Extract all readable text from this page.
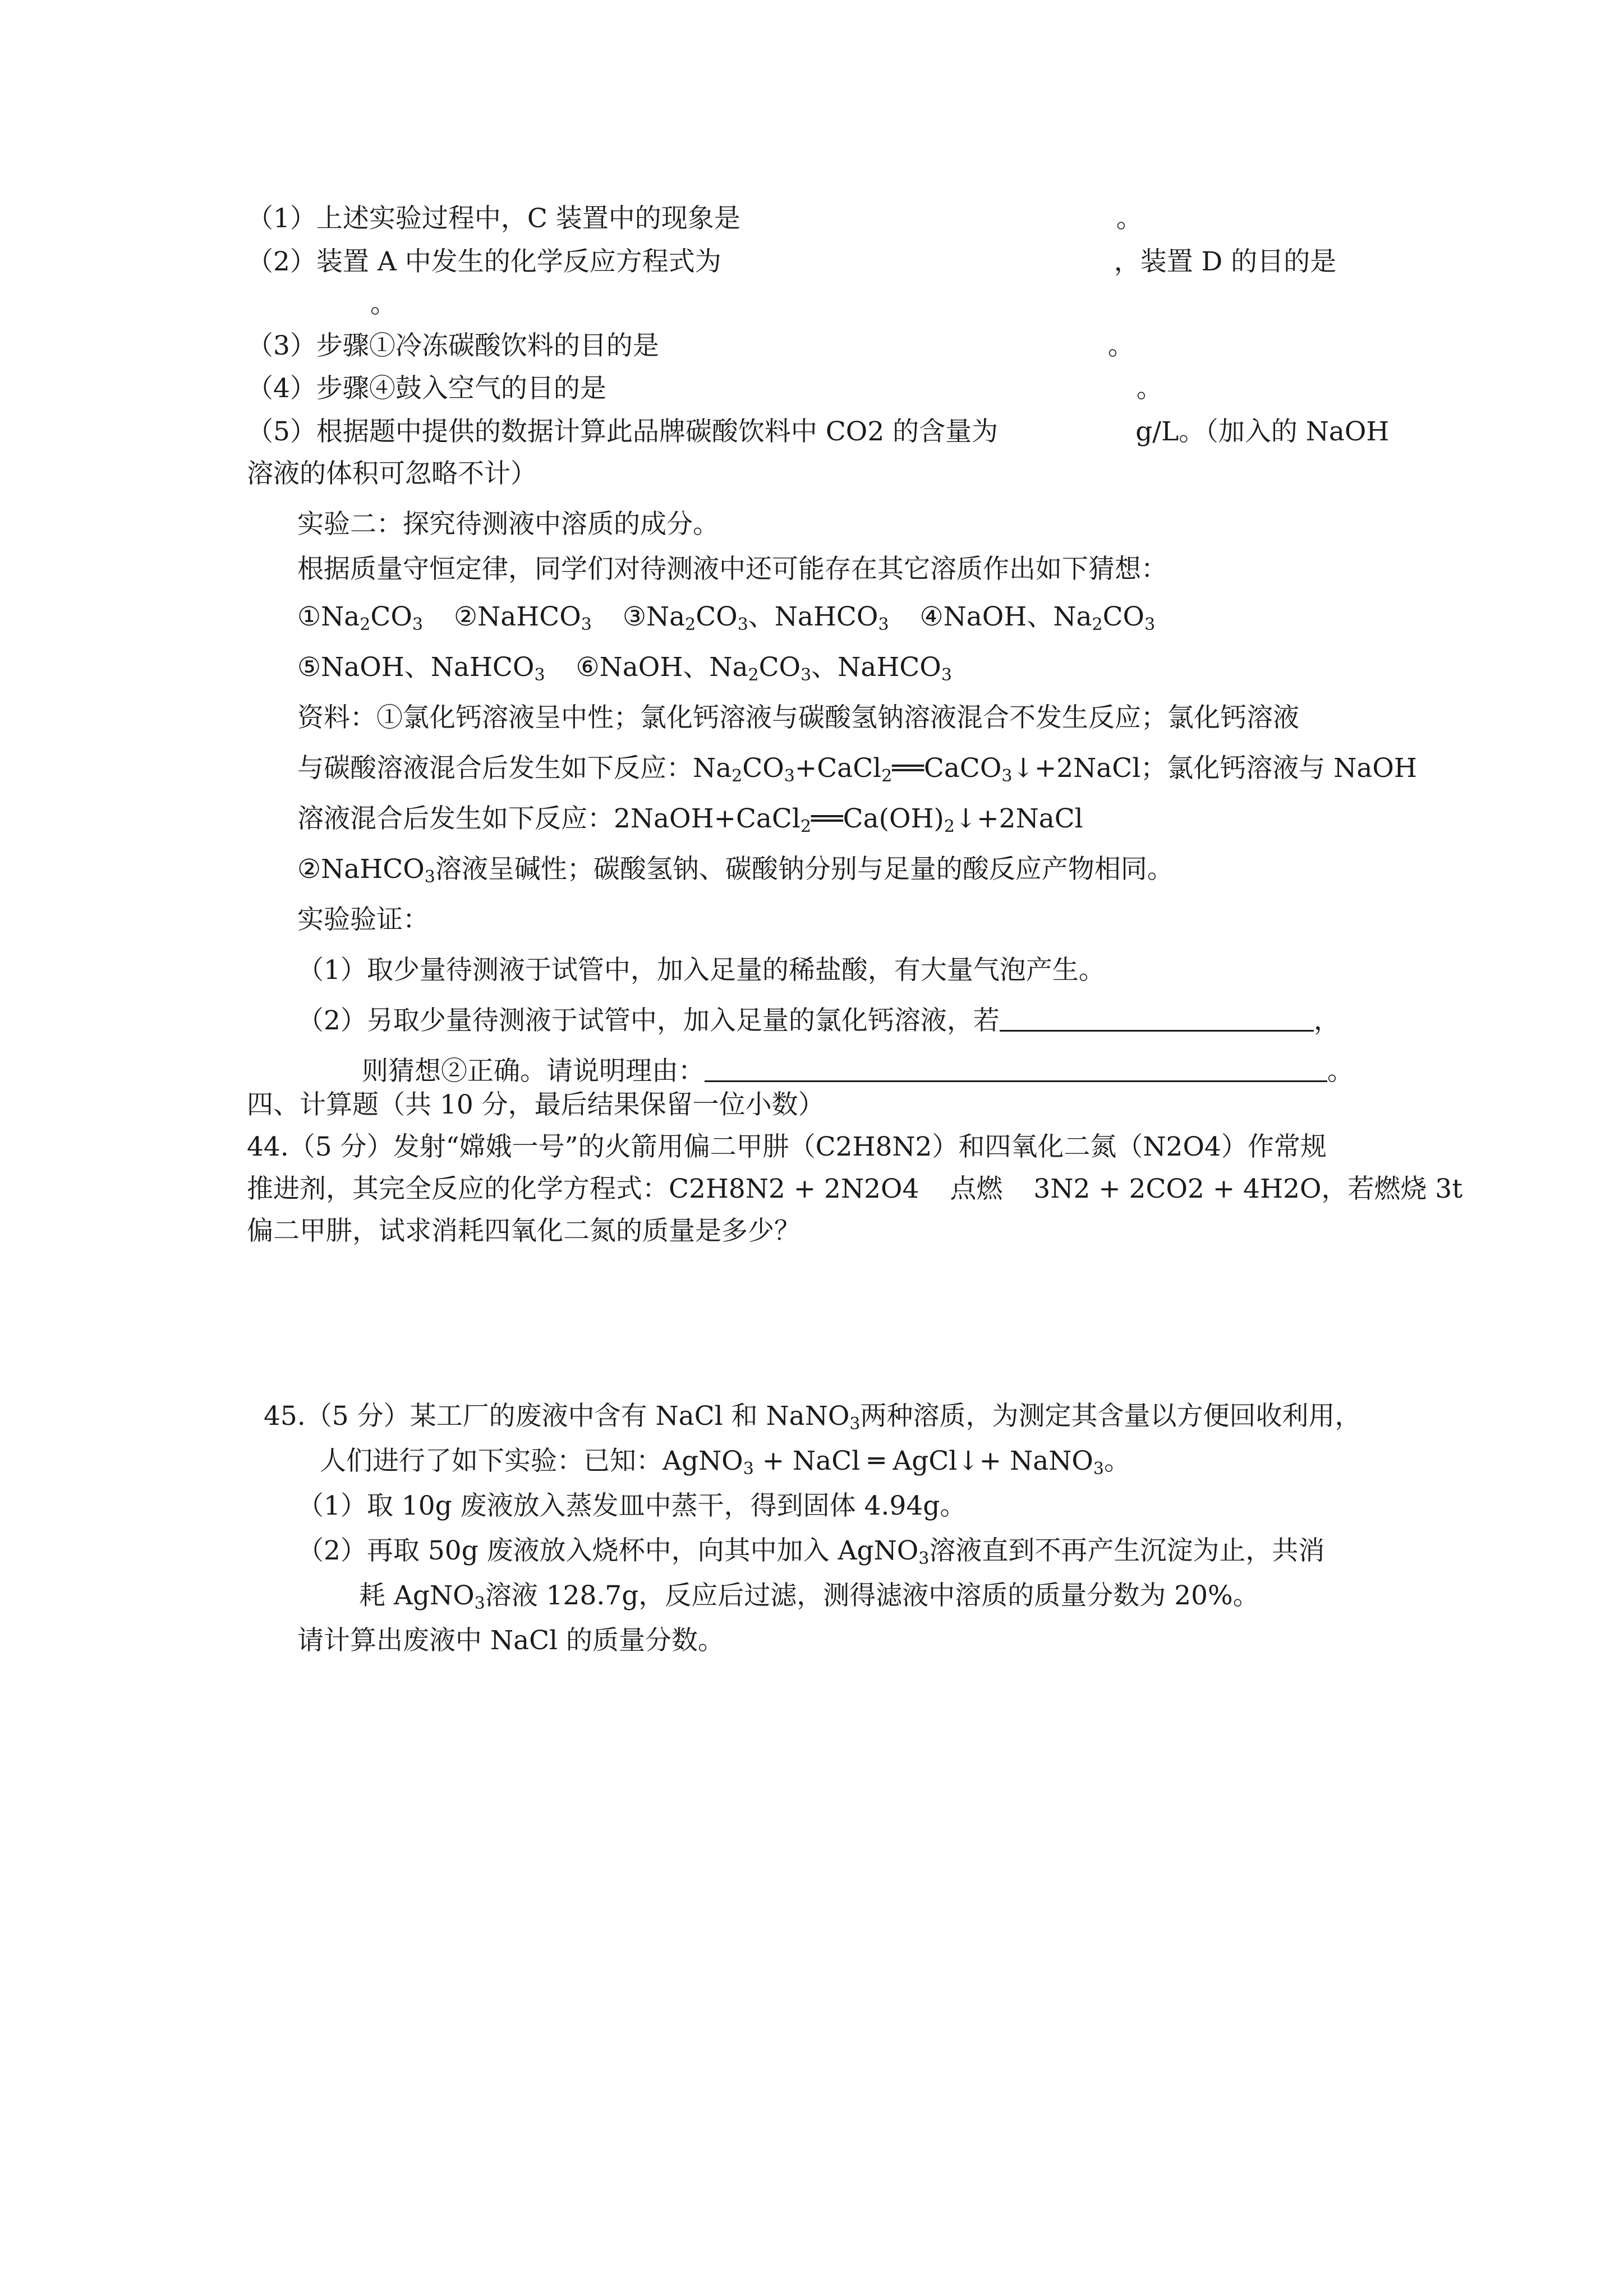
（1）上述实验过程中，C 装置中的现象是	。
（2）装置 A 中发生的化学反应方程式为	，装置 D 的目的是
。
（3）步骤①冷冻碳酸饮料的目的是	。
（4）步骤④鼓入空气的目的是	。
（5）根据题中提供的数据计算此品牌碳酸饮料中 CO2 的含量为	g/L。（加入的 NaOH
溶液的体积可忽略不计）
实验二：探究待测液中溶质的成分。
根据质量守恒定律，同学们对待测液中还可能存在其它溶质作出如下猜想：
$①Na_2CO_3$ ②NaHCO$_3$ $③Na_2CO_3$、NaHCO$_3$ ④NaOH、$Na_2CO_3$
⑤NaOH、NaHCO$_3$ ⑥NaOH、$Na_2CO_3$、NaHCO$_3$
资料：①氯化钙溶液呈中性；氯化钙溶液与碳酸氢钠溶液混合不发生反应；氯化钙溶液
与碳酸溶液混合后发生如下反应：$Na_2CO_3+CaCl_2══CaCO_3↓+2NaCl$；氯化钙溶液与 NaOH
溶液混合后发生如下反应：$2NaOH+CaCl_2══Ca(OH)_2↓+2NaCl$
②NaHCO$_3$溶液呈碱性；碳酸氢钠、碳酸钠分别与足量的酸反应产物相同。
实验验证：
（1）取少量待测液于试管中，加入足量的稀盐酸，有大量气泡产生。
（2）另取少量待测液于试管中，加入足量的氯化钙溶液，若	，
则猜想②正确。请说明理由：	。
四、计算题（共 10 分，最后结果保留一位小数）
44.（5 分）发射“嫦娥一号”的火箭用偏二甲肼（C2H8N2）和四氧化二氮（N2O4）作常规
推进剂，其完全反应的化学方程式：C2H8N2 + 2N2O4 点燃 3N2 + 2CO2 + 4H2O，若燃烧 3t
偏二甲肼，试求消耗四氧化二氮的质量是多少？
45.（5 分）某工厂的废液中含有 NaCl 和 NaNO$_3$两种溶质，为测定其含量以方便回收利用，
人们进行了如下实验：已知：AgNO$_3$ + NaCl ═ AgCl↓+ NaNO$_3$。
（1）取 10g 废液放入蒸发皿中蒸干，得到固体 4.94g。
（2）再取 50g 废液放入烧杯中，向其中加入 AgNO$_3$溶液直到不再产生沉淀为止，共消
耗 AgNO$_3$溶液 128.7g，反应后过滤，测得滤液中溶质的质量分数为 20%。
请计算出废液中 NaCl 的质量分数。
